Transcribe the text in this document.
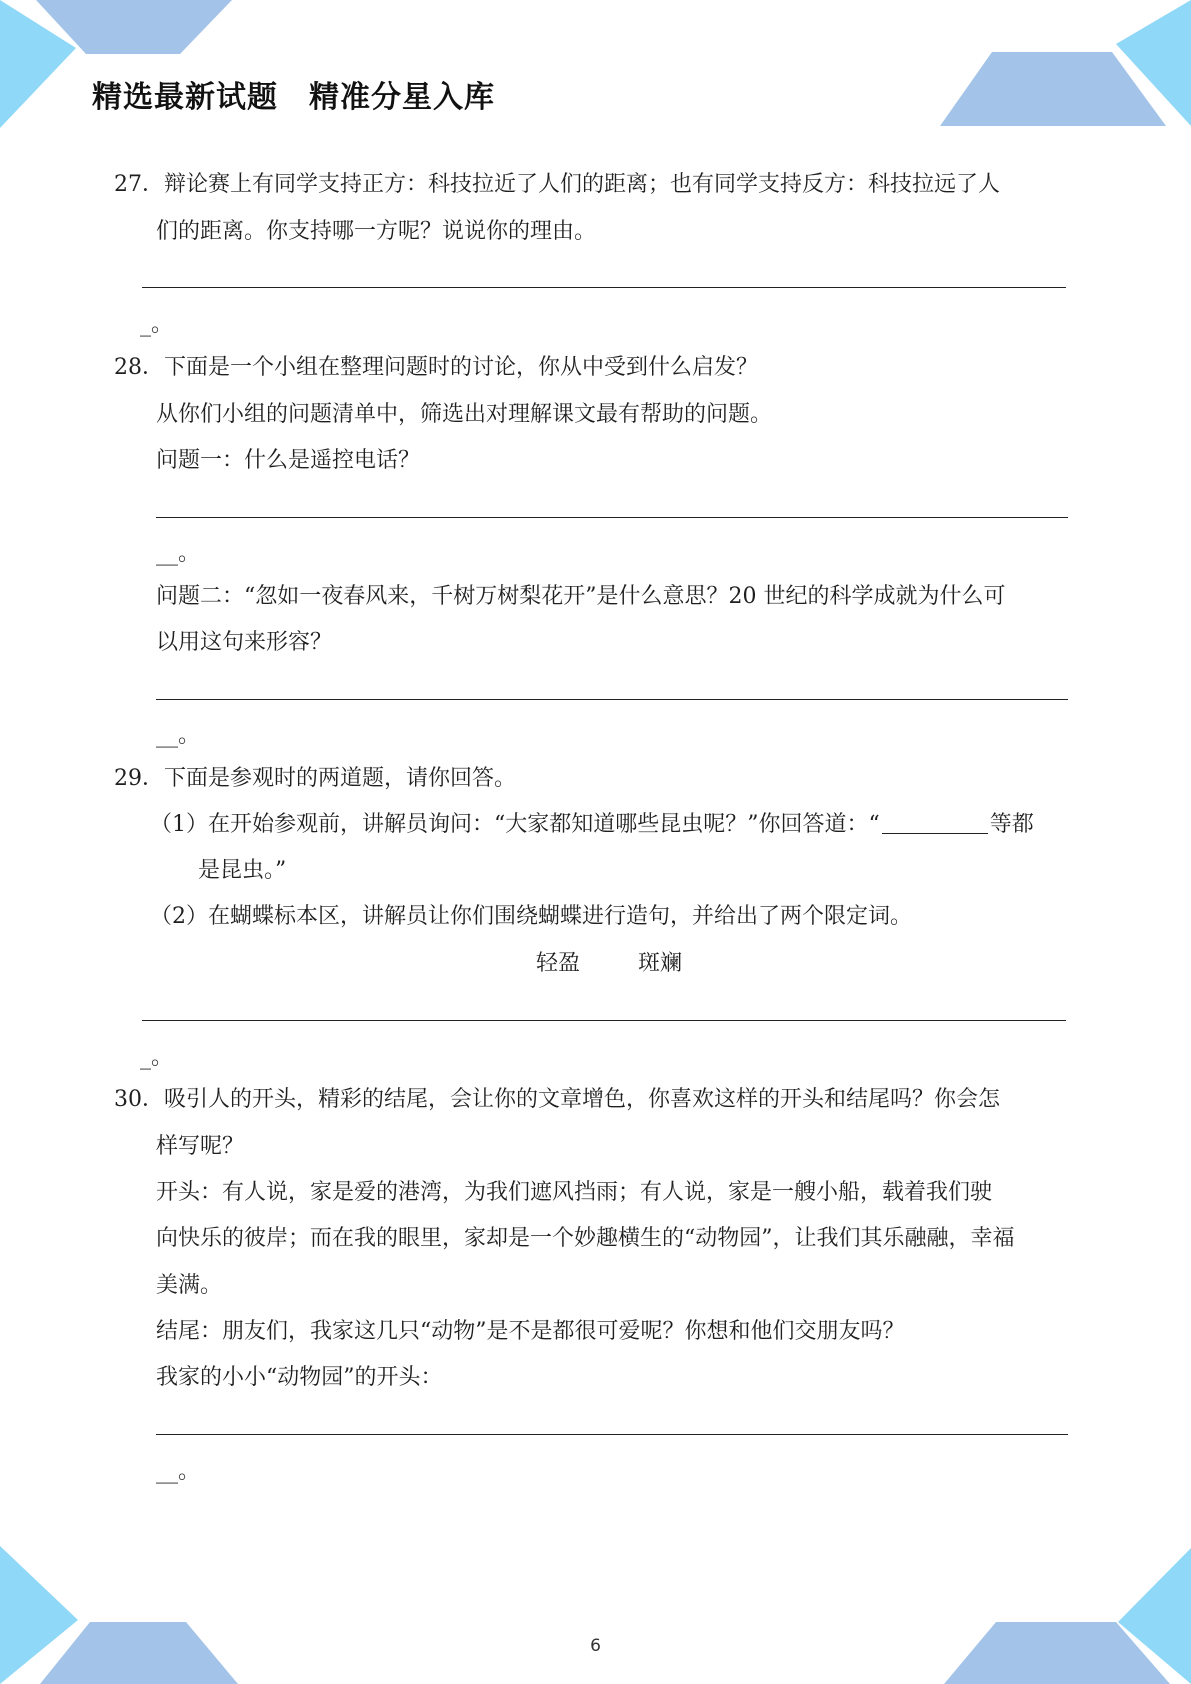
精选最新试题　精准分星入库
27．辩论赛上有同学支持正方：科技拉近了人们的距离；也有同学支持反方：科技拉远了人
们的距离。你支持哪一方呢？说说你的理由。
_。
28．下面是一个小组在整理问题时的讨论，你从中受到什么启发？
从你们小组的问题清单中，筛选出对理解课文最有帮助的问题。
问题一：什么是遥控电话？
__。
问题二：“忽如一夜春风来，千树万树梨花开”是什么意思？20 世纪的科学成就为什么可
以用这句来形容？
__。
29．下面是参观时的两道题，请你回答。
（1）在开始参观前，讲解员询问：“大家都知道哪些昆虫呢？”你回答道：“	等都
是昆虫。”
（2）在蝴蝶标本区，讲解员让你们围绕蝴蝶进行造句，并给出了两个限定词。
轻盈	斑斓
_。
30．吸引人的开头，精彩的结尾，会让你的文章增色，你喜欢这样的开头和结尾吗？你会怎
样写呢？
开头：有人说，家是爱的港湾，为我们遮风挡雨；有人说，家是一艘小船，载着我们驶
向快乐的彼岸；而在我的眼里，家却是一个妙趣横生的“动物园”，让我们其乐融融，幸福
美满。
结尾：朋友们，我家这几只“动物”是不是都很可爱呢？你想和他们交朋友吗？
我家的小小“动物园”的开头：
__。
6
